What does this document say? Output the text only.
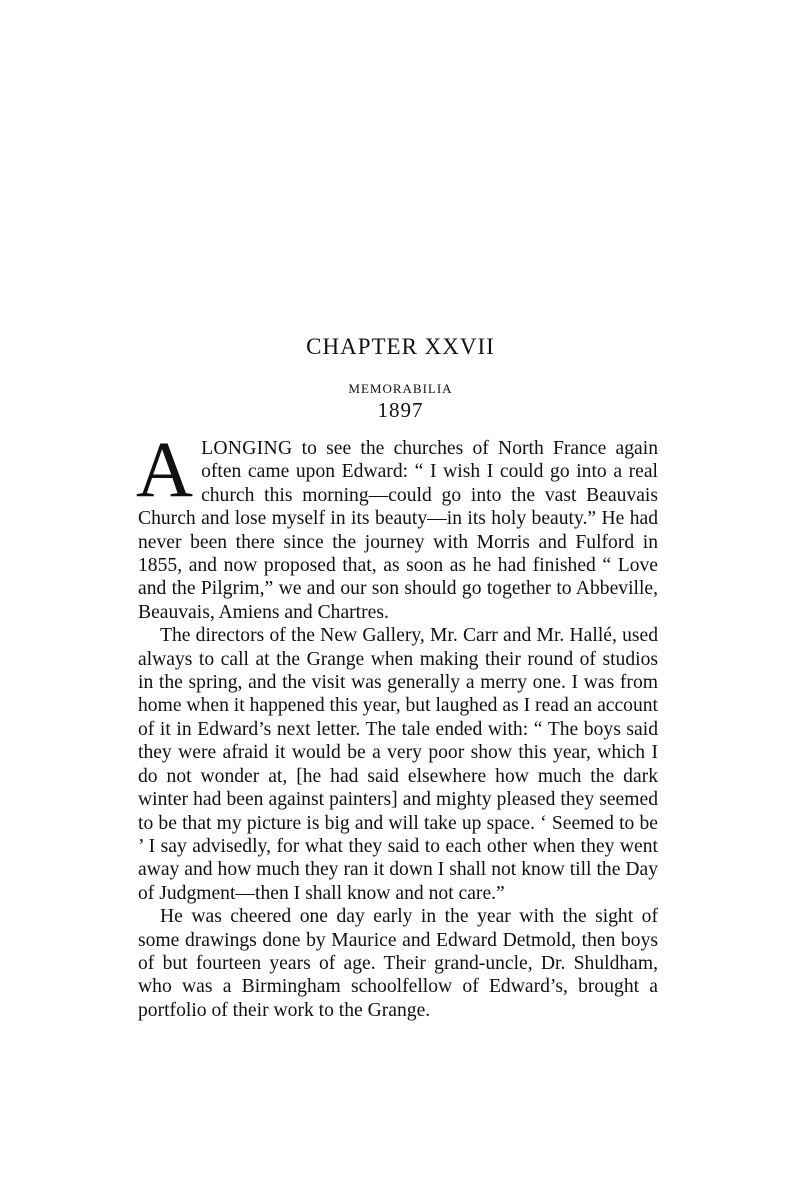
CHAPTER XXVII
MEMORABILIA
1897

ALONGING to see the churches of North France again often came upon Edward: “ I wish I could go into a real church this morning—could go into the vast Beauvais Church and lose myself in its beauty—in its holy beauty.” He had never been there since the journey with Morris and Fulford in 1855, and now proposed that, as soon as he had finished “ Love and the Pilgrim,” we and our son should go together to Abbeville, Beauvais, Amiens and Chartres.

The directors of the New Gallery, Mr. Carr and Mr. Hallé, used always to call at the Grange when making their round of studios in the spring, and the visit was generally a merry one. I was from home when it happened this year, but laughed as I read an account of it in Edward’s next letter. The tale ended with: “ The boys said they were afraid it would be a very poor show this year, which I do not wonder at, [he had said elsewhere how much the dark winter had been against painters] and mighty pleased they seemed to be that my picture is big and will take up space. ‘ Seemed to be ’ I say advisedly, for what they said to each other when they went away and how much they ran it down I shall not know till the Day of Judgment—then I shall know and not care.”

He was cheered one day early in the year with the sight of some drawings done by Maurice and Edward Detmold, then boys of but fourteen years of age. Their grand-uncle, Dr. Shuldham, who was a Birmingham schoolfellow of Edward’s, brought a portfolio of their work to the Grange.
